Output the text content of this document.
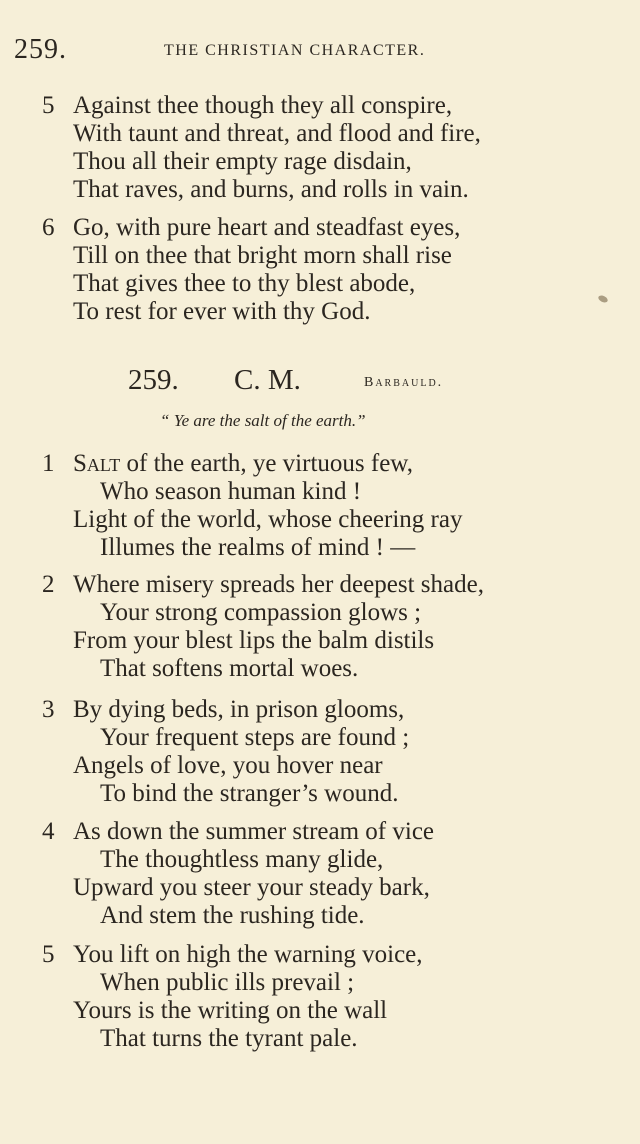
259.	THE CHRISTIAN CHARACTER.
5 Against thee though they all conspire,
With taunt and threat, and flood and fire,
Thou all their empty rage disdain,
That raves, and burns, and rolls in vain.
6 Go, with pure heart and steadfast eyes,
Till on thee that bright morn shall rise
That gives thee to thy blest abode,
To rest for ever with thy God.
259. C. M.	Barbauld.
“ Ye are the salt of the earth.”
1 Salt of the earth, ye virtuous few,
Who season human kind !
Light of the world, whose cheering ray
Illumes the realms of mind ! —
2 Where misery spreads her deepest shade,
Your strong compassion glows ;
From your blest lips the balm distils
That softens mortal woes.
3 By dying beds, in prison glooms,
Your frequent steps are found ;
Angels of love, you hover near
To bind the stranger’s wound.
4 As down the summer stream of vice
The thoughtless many glide,
Upward you steer your steady bark,
And stem the rushing tide.
5 You lift on high the warning voice,
When public ills prevail ;
Yours is the writing on the wall
That turns the tyrant pale.
